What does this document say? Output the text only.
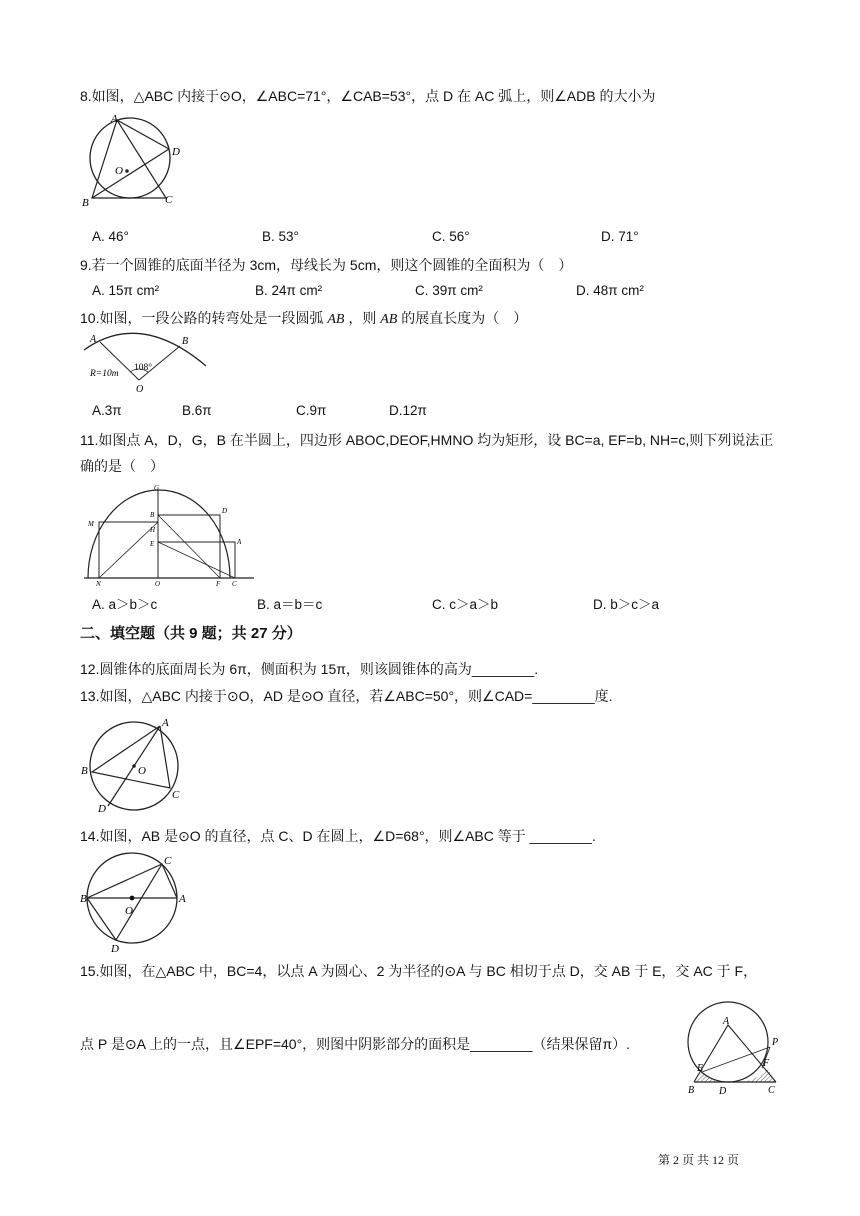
8.如图，△ABC 内接于⊙O，∠ABC=71°，∠CAB=53°，点 D 在 AC 弧上，则∠ADB 的大小为
A
B	C
D
O
A. 46°	B. 53°	C. 56°	D. 71°
9.若一个圆锥的底面半径为 3cm，母线长为 5cm，则这个圆锥的全面积为（　）
A. 15π cm²	B. 24π cm²	C. 39π cm²	D. 48π cm²
10.如图，一段公路的转弯处是一段圆弧 AB ，则 AB 的展直长度为（　）
A	B
O
108°
R=10m
A.3π	B.6π	C.9π	D.12π
11.如图点 A，D，G，B 在半圆上，四边形 ABOC,DEOF,HMNO 均为矩形，设 BC=a, EF=b, NH=c,则下列说法正
确的是（　）
G
D
M
B
H
E	A
N	O	F C
A. a＞b＞c	B. a＝b＝c	C. c＞a＞b	D. b＞c＞a
二、填空题（共 9 题；共 27 分）
12.圆锥体的底面周长为 6π，侧面积为 15π，则该圆锥体的高为________.
13.如图，△ABC 内接于⊙O，AD 是⊙O 直径，若∠ABC=50°，则∠CAD=________度.
A
B
C
D
O
14.如图，AB 是⊙O 的直径，点 C、D 在圆上，∠D=68°，则∠ABC 等于 ________.
A
B
C
D
O
15.如图，在△ABC 中，BC=4，以点 A 为圆心、2 为半径的⊙A 与 BC 相切于点 D，交 AB 于 E，交 AC 于 F，
点 P 是⊙A 上的一点，且∠EPF=40°，则图中阴影部分的面积是________（结果保留π）.
A
B	C
D
E	F
P
第 2 页 共 12 页
